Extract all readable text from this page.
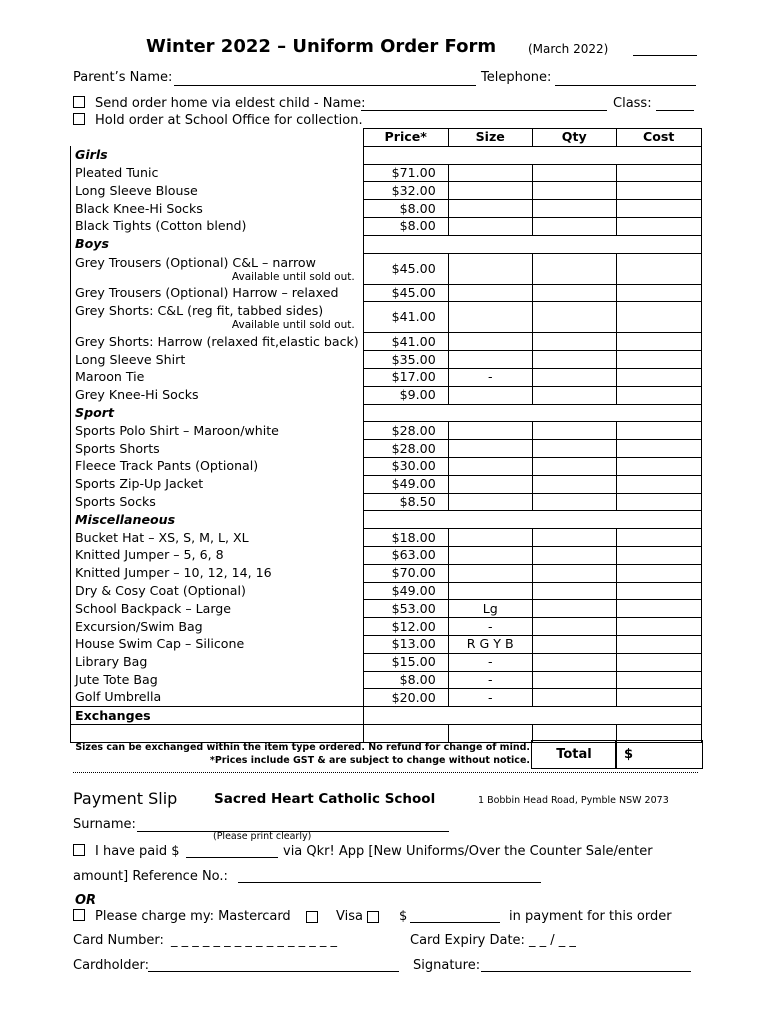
Winter 2022 – Uniform Order Form	(March 2022)
Parent’s Name:	Telephone:
Send order home via eldest child - Name:	Class:
Hold order at School Office for collection.
	Price*	Size	Qty	Cost
Girls				
Pleated Tunic	$71.00			
Long Sleeve Blouse	$32.00			
Black Knee-Hi Socks	$8.00			
Black Tights (Cotton blend)	$8.00			
Boys				
Grey Trousers (Optional) C&L – narrow
Available until sold out.	$45.00			
Grey Trousers (Optional) Harrow – relaxed	$45.00			
Grey Shorts: C&L (reg fit, tabbed sides)
Available until sold out.	$41.00			
Grey Shorts: Harrow (relaxed fit,elastic back)	$41.00			
Long Sleeve Shirt	$35.00			
Maroon Tie	$17.00	-		
Grey Knee-Hi Socks	$9.00			
Sport				
Sports Polo Shirt – Maroon/white	$28.00			
Sports Shorts	$28.00			
Fleece Track Pants (Optional)	$30.00			
Sports Zip-Up Jacket	$49.00			
Sports Socks	$8.50			
Miscellaneous				
Bucket Hat – XS, S, M, L, XL	$18.00			
Knitted Jumper – 5, 6, 8	$63.00			
Knitted Jumper – 10, 12, 14, 16	$70.00			
Dry & Cosy Coat (Optional)	$49.00			
School Backpack – Large	$53.00	Lg		
Excursion/Swim Bag	$12.00	-		
House Swim Cap – Silicone	$13.00	R G Y B		
Library Bag	$15.00	-		
Jute Tote Bag	$8.00	-		
Golf Umbrella	$20.00	-		
Exchanges				

Sizes can be exchanged within the item type ordered. No refund for change of mind.
*Prices include GST & are subject to change without notice.	Total	$
Payment Slip	Sacred Heart Catholic School	1 Bobbin Head Road, Pymble NSW 2073
Surname:
(Please print clearly)
I have paid $	via Qkr! App [New Uniforms/Over the Counter Sale/enter
amount] Reference No.:
OR
Please charge my: Mastercard	Visa	$	in payment for this order
Card Number: _ _ _ _ _ _ _ _ _ _ _ _ _ _ _ _	Card Expiry Date: _ _ / _ _
Cardholder:	Signature:
